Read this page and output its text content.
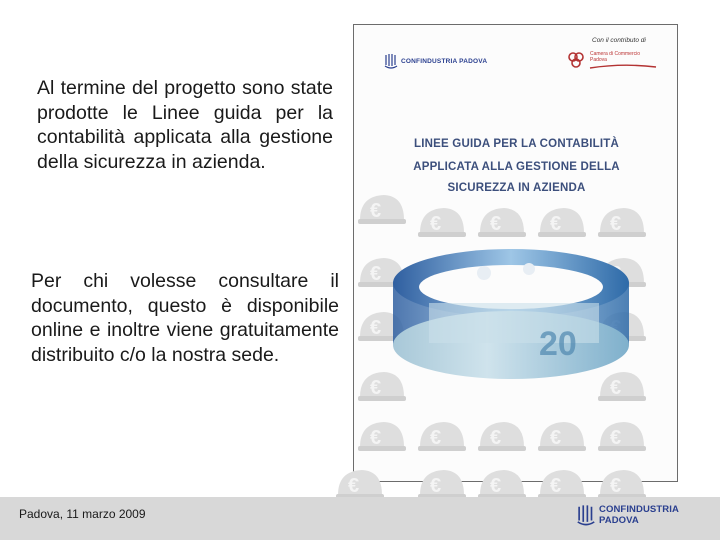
Al termine del progetto sono state prodotte le Linee guida per la contabilità applicata alla gestione della sicurezza in azienda.
Per chi volesse consultare il documento, questo è disponibile online e inoltre viene gratuitamente distribuito c/o la nostra sede.
€
€ € € €
€
€
€	€
€ € € € €
€	€ € € €
20
CONFINDUSTRIA PADOVA
Con il contributo di
Camera di Commercio Padova
LINEE GUIDA PER LA CONTABILITÀ
APPLICATA ALLA GESTIONE DELLA
SICUREZZA IN AZIENDA
Padova, 11 marzo 2009	CONFINDUSTRIA PADOVA
